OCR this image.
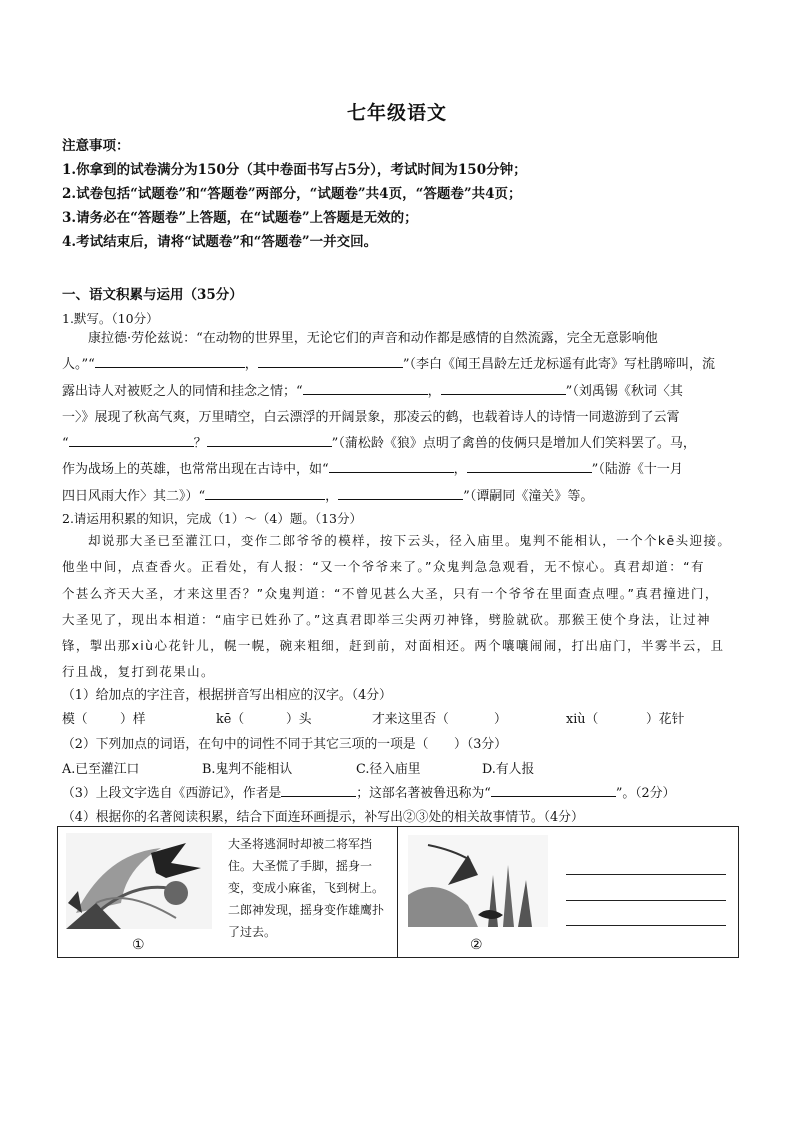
七年级语文
注意事项：
1.你拿到的试卷满分为150分（其中卷面书写占5分），考试时间为150分钟；
2.试卷包括“试题卷”和“答题卷”两部分，“试题卷”共4页，“答题卷”共4页；
3.请务必在“答题卷”上答题，在“试题卷”上答题是无效的；
4.考试结束后，请将“试题卷”和“答题卷”一并交回。
一、语文积累与运用（35分）
1.默写。（10分）
康拉德·劳伦兹说：“在动物的世界里，无论它们的声音和动作都是感情的自然流露，完全无意影响他
人。”“	，	”（李白《闻王昌龄左迁龙标遥有此寄》写杜鹃啼叫，流
露出诗人对被贬之人的同情和挂念之情；“	，	”（刘禹锡《秋词〈其
一〉》展现了秋高气爽，万里晴空，白云漂浮的开阔景象，那凌云的鹤，也载着诗人的诗情一同遨游到了云霄
“	？	”（蒲松龄《狼》点明了禽兽的伎俩只是增加人们笑料罢了。马，
作为战场上的英雄，也常常出现在古诗中，如“	，	”（陆游《十一月
四日风雨大作〉其二》）“	，	”（谭嗣同《潼关》等。
2.请运用积累的知识，完成（1）～（4）题。（13分）
却说那大圣已至灌江口，变作二郎爷爷的模样，按下云头，径入庙里。鬼判不能相认，一个个kē头迎接。
他坐中间，点查香火。正看处，有人报：“又一个爷爷来了。”众鬼判急急观看，无不惊心。真君却道：“有
个甚么齐天大圣，才来这里否？”众鬼判道：“不曾见甚么大圣，只有一个爷爷在里面查点哩。”真君撞进门，
大圣见了，现出本相道：“庙宇已姓孙了。”这真君即举三尖两刃神锋，劈脸就砍。那猴王使个身法，让过神
锋，掣出那xiù心花针儿，幌一幌，碗来粗细，赶到前，对面相还。两个嚷嚷闹闹，打出庙门，半雾半云，且
行且战，复打到花果山。
（1）给加点的字注音，根据拼音写出相应的汉字。（4分）
模（	）样	kē（	）头	才来这里否（	）	xiù（	）花针
（2）下列加点的词语，在句中的词性不同于其它三项的一项是（　　）（3分）
A.已至灌江口	B.鬼判不能相认	C.径入庙里	D.有人报
（3）上段文字选自《西游记》，作者是	；这部名著被鲁迅称为“	”。（2分）
（4）根据你的名著阅读积累，结合下面连环画提示，补写出②③处的相关故事情节。（4分）
①
大圣将逃洞时却被二将军挡住。大圣慌了手脚，摇身一变，变成小麻雀，飞到树上。二郎神发现，摇身变作雄鹰扑了过去。
②
